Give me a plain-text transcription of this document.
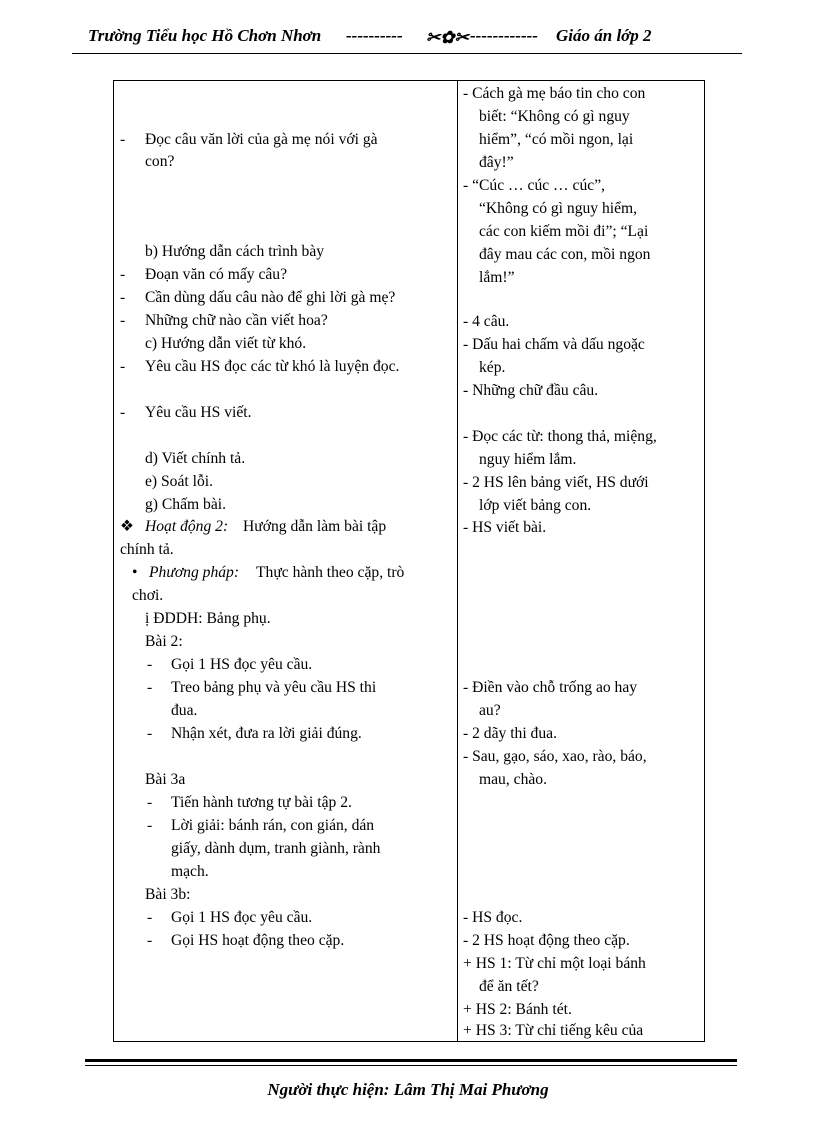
Trường Tiểu học Hồ Chơn Nhơn ---------- ✂✿✂ ------------ Giáo án lớp 2
- Đọc câu văn lời của gà mẹ nói với gà
con?
b) Hướng dẫn cách trình bày
- Đoạn văn có mấy câu?
- Cần dùng dấu câu nào để ghi lời gà mẹ?
- Những chữ nào cần viết hoa?
c) Hướng dẫn viết từ khó.
- Yêu cầu HS đọc các từ khó là luyện đọc.
- Yêu cầu HS viết.
d) Viết chính tả.
e) Soát lỗi.
g) Chấm bài.
❖ Hoạt động 2: Hướng dẫn làm bài tập
chính tả.
• Phương pháp: Thực hành theo cặp, trò
chơi.
ị ĐDDH: Bảng phụ.
Bài 2:
- Gọi 1 HS đọc yêu cầu.
- Treo bảng phụ và yêu cầu HS thi
đua.
- Nhận xét, đưa ra lời giải đúng.
Bài 3a
- Tiến hành tương tự bài tập 2.
- Lời giải: bánh rán, con gián, dán
giấy, dành dụm, tranh giành, rành
mạch.
Bài 3b:
- Gọi 1 HS đọc yêu cầu.
- Gọi HS hoạt động theo cặp.
- Cách gà mẹ báo tin cho con
biết: “Không có gì nguy
hiểm”, “có mồi ngon, lại
đây!”
- “Cúc … cúc … cúc”,
“Không có gì nguy hiểm,
các con kiếm mồi đi”; “Lại
đây mau các con, mồi ngon
lắm!”
- 4 câu.
- Dấu hai chấm và dấu ngoặc
kép.
- Những chữ đầu câu.
- Đọc các từ: thong thả, miệng,
nguy hiểm lắm.
- 2 HS lên bảng viết, HS dưới
lớp viết bảng con.
- HS viết bài.
- Điền vào chỗ trống ao hay
au?
- 2 dãy thi đua.
- Sau, gạo, sáo, xao, rào, báo,
mau, chào.
- HS đọc.
- 2 HS hoạt động theo cặp.
+ HS 1: Từ chỉ một loại bánh
để ăn tết?
+ HS 2: Bánh tét.
+ HS 3: Từ chỉ tiếng kêu của
Người thực hiện: Lâm Thị Mai Phương
